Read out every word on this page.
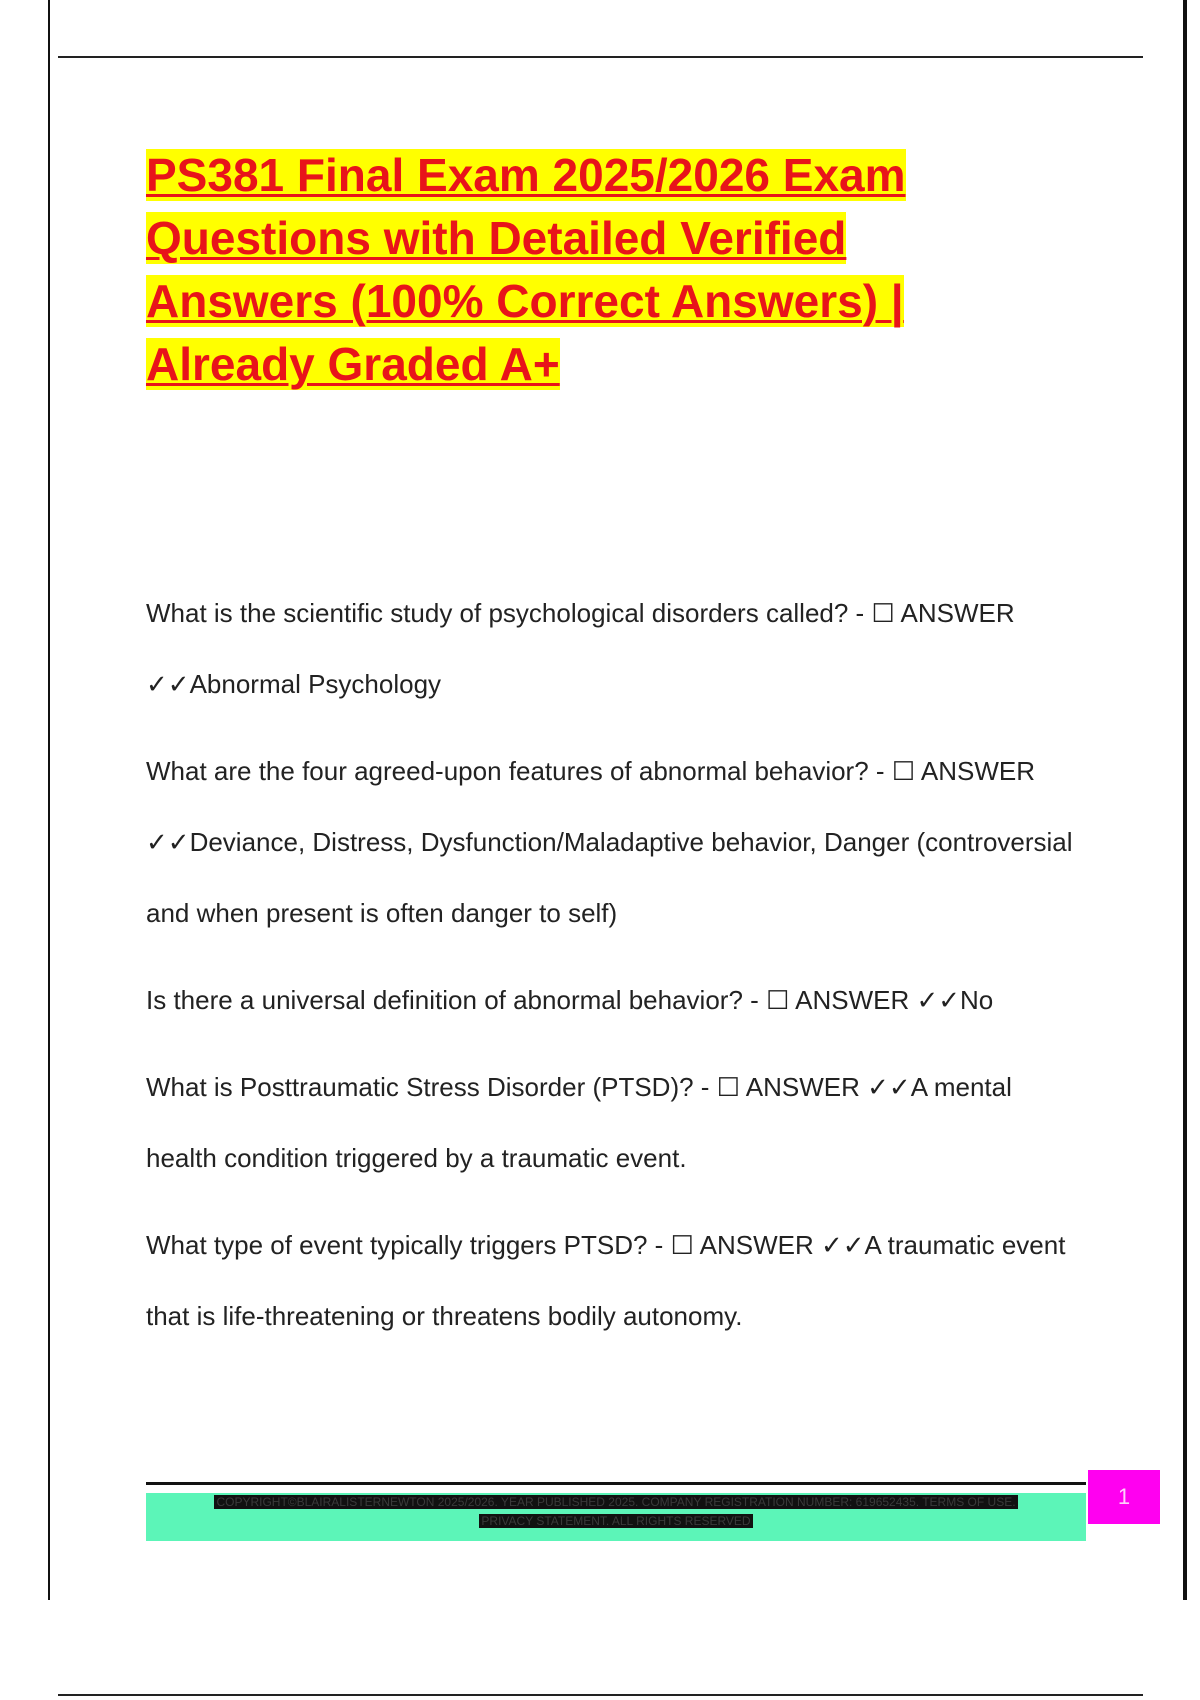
PS381 Final Exam 2025/2026 Exam Questions with Detailed Verified Answers (100% Correct Answers) | Already Graded A+
What is the scientific study of psychological disorders called? - ☐ ANSWER ✓✓Abnormal Psychology
What are the four agreed-upon features of abnormal behavior? - ☐ ANSWER ✓✓Deviance, Distress, Dysfunction/Maladaptive behavior, Danger (controversial and when present is often danger to self)
Is there a universal definition of abnormal behavior? - ☐ ANSWER ✓✓No
What is Posttraumatic Stress Disorder (PTSD)? - ☐ ANSWER ✓✓A mental health condition triggered by a traumatic event.
What type of event typically triggers PTSD? - ☐ ANSWER ✓✓A traumatic event that is life-threatening or threatens bodily autonomy.
COPYRIGHT©BLAIRALISTERNEWTON 2025/2026. YEAR PUBLISHED 2025. COMPANY REGISTRATION NUMBER: 619652435. TERMS OF USE.
PRIVACY STATEMENT. ALL RIGHTS RESERVED
1
